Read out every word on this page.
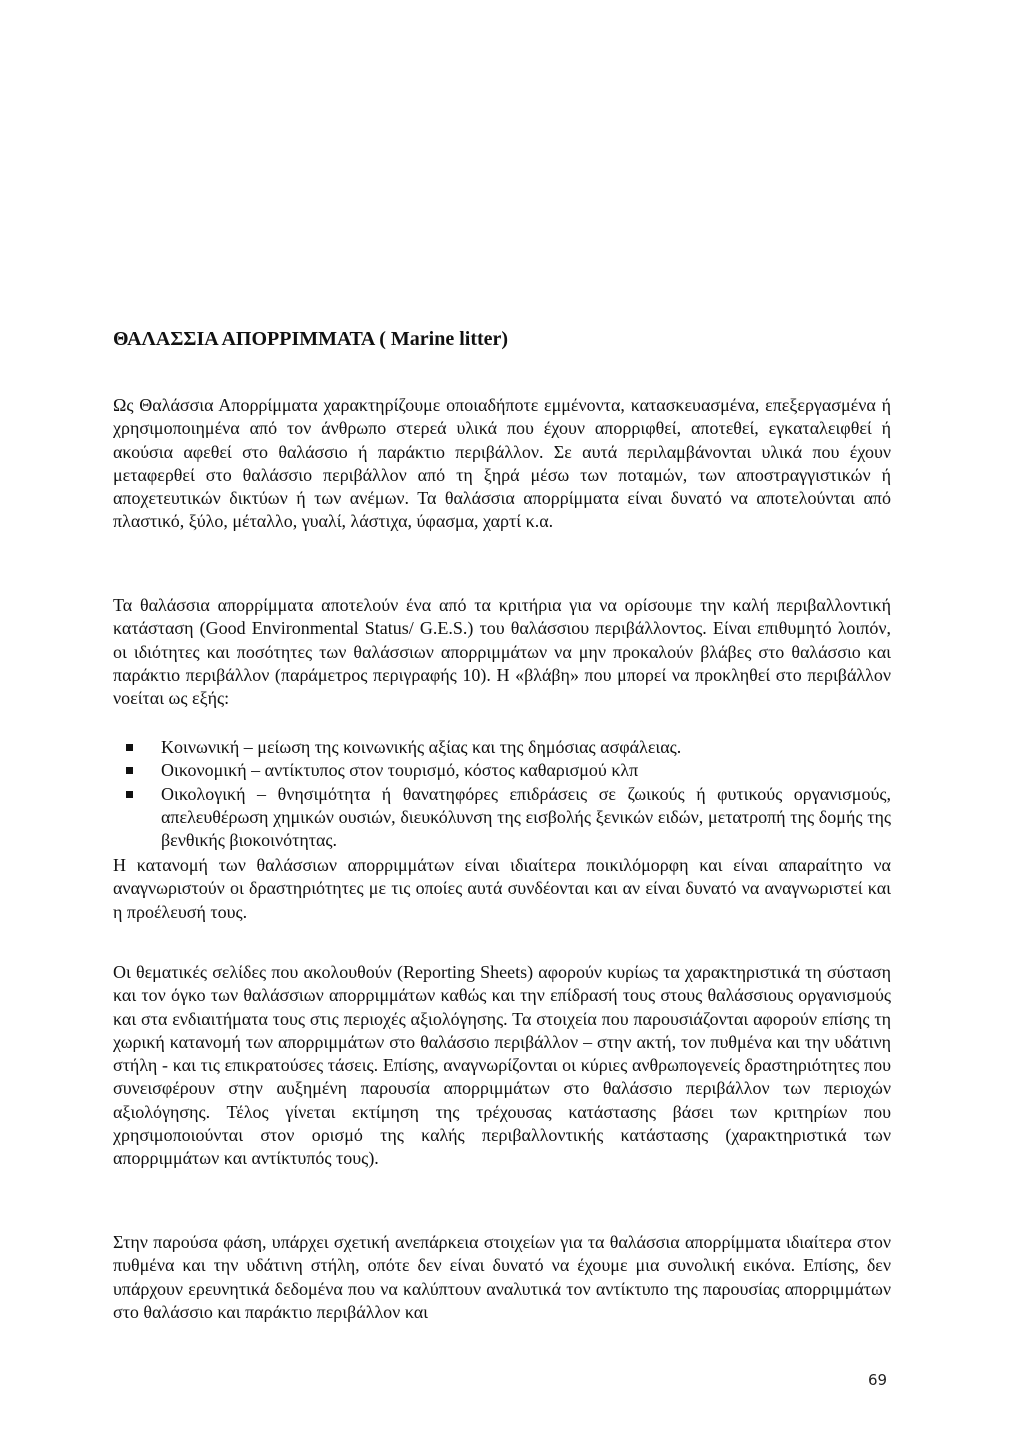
ΘΑΛΑΣΣΙΑ ΑΠΟΡΡΙΜΜΑΤΑ ( Marine litter)

Ως Θαλάσσια Απορρίμματα χαρακτηρίζουμε οποιαδήποτε εμμένοντα, κατασκευασμένα, επεξεργασμένα ή χρησιμοποιημένα από τον άνθρωπο στερεά υλικά που έχουν απορριφθεί, αποτεθεί, εγκαταλειφθεί ή ακούσια αφεθεί στο θαλάσσιο ή παράκτιο περιβάλλον. Σε αυτά περιλαμβάνονται υλικά που έχουν μεταφερθεί στο θαλάσσιο περιβάλλον από τη ξηρά μέσω των ποταμών, των αποστραγγιστικών ή αποχετευτικών δικτύων ή των ανέμων. Τα θαλάσσια απορρίμματα είναι δυνατό να αποτελούνται από πλαστικό, ξύλο, μέταλλο, γυαλί, λάστιχα, ύφασμα, χαρτί κ.α.

Τα θαλάσσια απορρίμματα αποτελούν ένα από τα κριτήρια για να ορίσουμε την καλή περιβαλλοντική κατάσταση (Good Environmental Status/ G.E.S.) του θαλάσσιου περιβάλλοντος. Είναι επιθυμητό λοιπόν, οι ιδιότητες και ποσότητες των θαλάσσιων απορριμμάτων να μην προκαλούν βλάβες στο θαλάσσιο και παράκτιο περιβάλλον (παράμετρος περιγραφής 10). Η «βλάβη» που μπορεί να προκληθεί στο περιβάλλον νοείται ως εξής:

Κοινωνική – μείωση της κοινωνικής αξίας και της δημόσιας ασφάλειας.
Οικονομική – αντίκτυπος στον τουρισμό, κόστος καθαρισμού κλπ
Οικολογική – θνησιμότητα ή θανατηφόρες επιδράσεις σε ζωικούς ή φυτικούς οργανισμούς, απελευθέρωση χημικών ουσιών, διευκόλυνση της εισβολής ξενικών ειδών, μετατροπή της δομής της βενθικής βιοκοινότητας.

Η κατανομή των θαλάσσιων απορριμμάτων είναι ιδιαίτερα ποικιλόμορφη και είναι απαραίτητο να αναγνωριστούν οι δραστηριότητες με τις οποίες αυτά συνδέονται και αν είναι δυνατό να αναγνωριστεί και η προέλευσή τους.

Οι θεματικές σελίδες που ακολουθούν (Reporting Sheets) αφορούν κυρίως τα χαρακτηριστικά τη σύσταση και τον όγκο των θαλάσσιων απορριμμάτων καθώς και την επίδρασή τους στους θαλάσσιους οργανισμούς και στα ενδιαιτήματα τους στις περιοχές αξιολόγησης. Τα στοιχεία που παρουσιάζονται αφορούν επίσης τη χωρική κατανομή των απορριμμάτων στο θαλάσσιο περιβάλλον – στην ακτή, τον πυθμένα και την υδάτινη στήλη - και τις επικρατούσες τάσεις. Επίσης, αναγνωρίζονται οι κύριες ανθρωπογενείς δραστηριότητες που συνεισφέρουν στην αυξημένη παρουσία απορριμμάτων στο θαλάσσιο περιβάλλον των περιοχών αξιολόγησης. Τέλος γίνεται εκτίμηση της τρέχουσας κατάστασης βάσει των κριτηρίων που χρησιμοποιούνται στον ορισμό της καλής περιβαλλοντικής κατάστασης (χαρακτηριστικά των απορριμμάτων και αντίκτυπός τους).

Στην παρούσα φάση, υπάρχει σχετική ανεπάρκεια στοιχείων για τα θαλάσσια απορρίμματα ιδιαίτερα στον πυθμένα και την υδάτινη στήλη, οπότε δεν είναι δυνατό να έχουμε μια συνολική εικόνα. Επίσης, δεν υπάρχουν ερευνητικά δεδομένα που να καλύπτουν αναλυτικά τον αντίκτυπο της παρουσίας απορριμμάτων στο θαλάσσιο και παράκτιο περιβάλλον και

69
